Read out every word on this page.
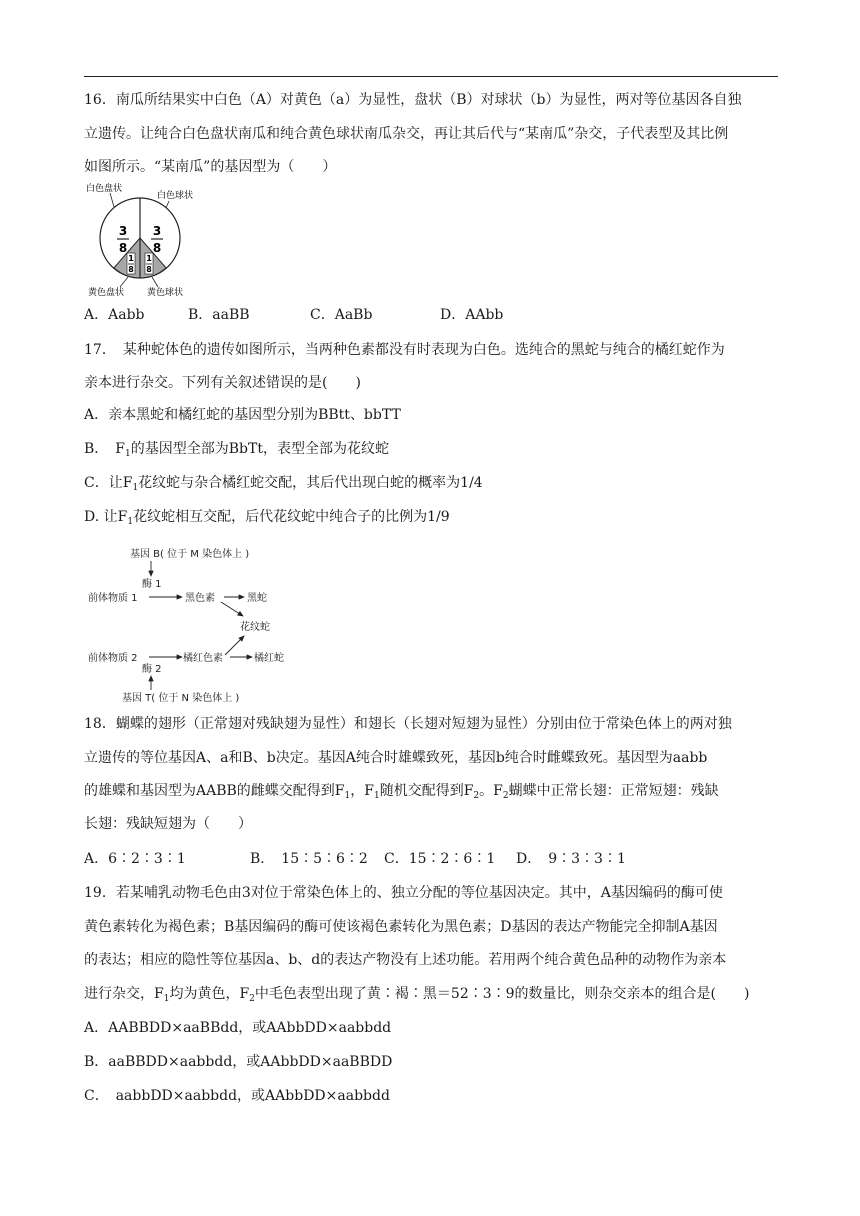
16．南瓜所结果实中白色（A）对黄色（a）为显性，盘状（B）对球状（b）为显性，两对等位基因各自独
立遗传。让纯合白色盘状南瓜和纯合黄色球状南瓜杂交，再让其后代与“某南瓜”杂交，子代表型及其比例
如图所示。“某南瓜”的基因型为（　　）
白色盘状
白色球状
3
8
3
8
1
8
1
8
黄色盘状	黄色球状
A．Aabb	B．aaBB	C．AaBb	D．AAbb
17．　某种蛇体色的遗传如图所示，当两种色素都没有时表现为白色。选纯合的黑蛇与纯合的橘红蛇作为
亲本进行杂交。下列有关叙述错误的是(　　)
A．亲本黑蛇和橘红蛇的基因型分别为BBtt、bbTT
B．　$F_1$的基因型全部为BbTt，表型全部为花纹蛇
C．让$F_1$花纹蛇与杂合橘红蛇交配，其后代出现白蛇的概率为1/4
D. 让$F_1$花纹蛇相互交配，后代花纹蛇中纯合子的比例为1/9
基因 B( 位于 M 染色体上 )
酶 1
前体物质 1	黑色素	黑蛇
花纹蛇
前体物质 2	橘红色素	橘红蛇
酶 2
基因 T( 位于 N 染色体上 )
18．蝴蝶的翅形（正常翅对残缺翅为显性）和翅长（长翅对短翅为显性）分别由位于常染色体上的两对独
立遗传的等位基因A、a和B、b决定。基因A纯合时雄蝶致死，基因b纯合时雌蝶致死。基因型为aabb
的雄蝶和基因型为AABB的雌蝶交配得到$F_1$，$F_1$随机交配得到$F_2$。$F_2$蝴蝶中正常长翅：正常短翅：残缺
长翅：残缺短翅为（　　）
A．6∶2∶3∶1	B．　15∶5∶6∶2 C．15∶2∶6∶1 D．　9∶3∶3∶1
19．若某哺乳动物毛色由3对位于常染色体上的、独立分配的等位基因决定。其中，A基因编码的酶可使
黄色素转化为褐色素；B基因编码的酶可使该褐色素转化为黑色素；D基因的表达产物能完全抑制A基因
的表达；相应的隐性等位基因a、b、d的表达产物没有上述功能。若用两个纯合黄色品种的动物作为亲本
进行杂交，$F_1$均为黄色，$F_2$中毛色表型出现了黄∶褐∶黑＝52∶3∶9的数量比，则杂交亲本的组合是(　　)
A．AABBDD×aaBBdd，或AAbbDD×aabbdd
B．aaBBDD×aabbdd，或AAbbDD×aaBBDD
C．　aabbDD×aabbdd，或AAbbDD×aabbdd
